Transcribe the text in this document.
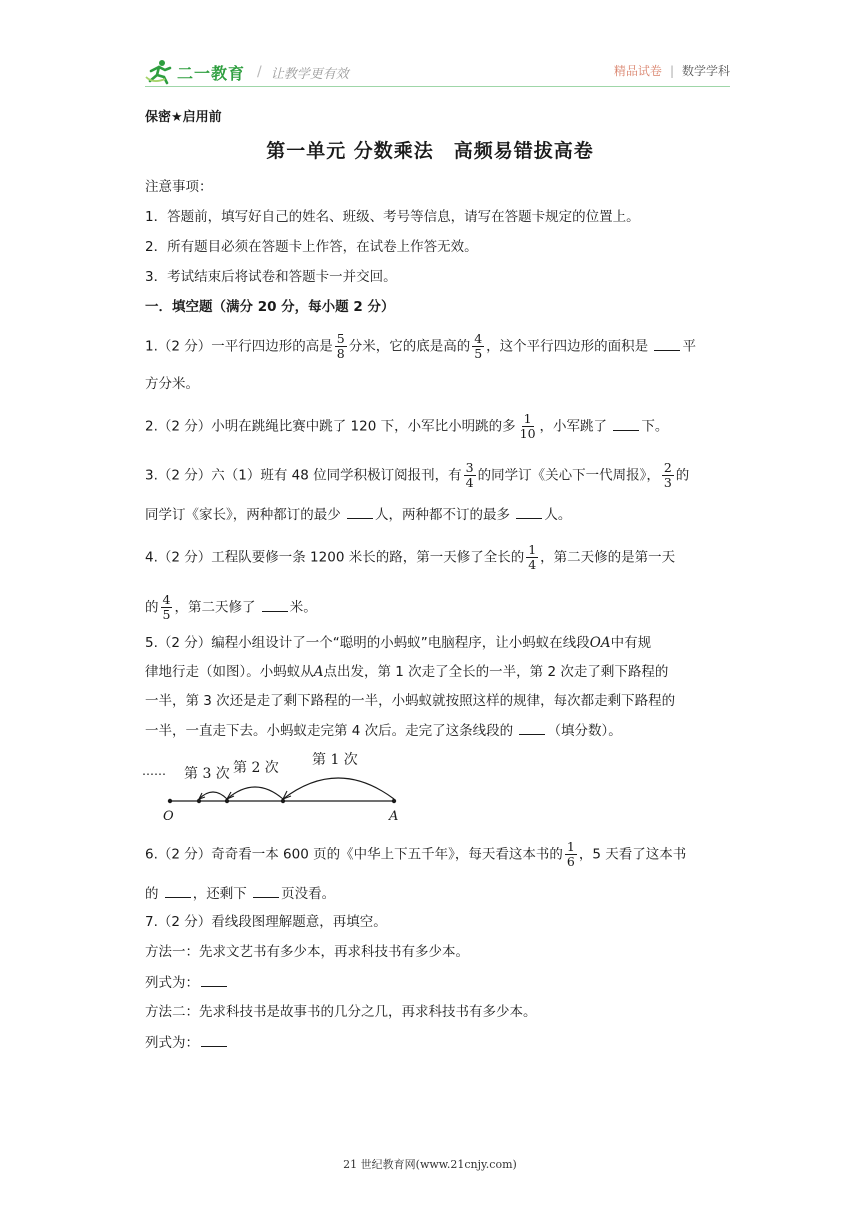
二一教育 / 让教学更有效	精品试卷 | 数学学科
保密★启用前
第一单元 分数乘法　高频易错拔高卷
注意事项：
1．答题前，填写好自己的姓名、班级、考号等信息，请写在答题卡规定的位置上。
2．所有题目必须在答题卡上作答，在试卷上作答无效。
3．考试结束后将试卷和答题卡一并交回。
一．填空题（满分 20 分，每小题 2 分）
1.（2 分）一平行四边形的高是 $\frac{5}{8}$ 分米，它的底是高的 $\frac{4}{5}$ ，这个平行四边形的面积是	平
方分米。
2.（2 分）小明在跳绳比赛中跳了 120 下，小军比小明跳的多 $\frac{1}{10}$ ，小军跳了	下。
3.（2 分）六（1）班有 48 位同学积极订阅报刊，有 $\frac{3}{4}$ 的同学订《关心下一代周报》， $\frac{2}{3}$ 的
同学订《家长》，两种都订的最少	人，两种都不订的最多	人。
4.（2 分）工程队要修一条 1200 米长的路，第一天修了全长的 $\frac{1}{4}$ ，第二天修的是第一天
的 $\frac{4}{5}$ ，第二天修了	米。
5.（2 分）编程小组设计了一个“聪明的小蚂蚁”电脑程序，让小蚂蚁在线段OA中有规
律地行走（如图）。小蚂蚁从A点出发，第 1 次走了全长的一半，第 2 次走了剩下路程的
一半，第 3 次还是走了剩下路程的一半，小蚂蚁就按照这样的规律，每次都走剩下路程的
一半，一直走下去。小蚂蚁走完第 4 次后。走完了这条线段的	（填分数）。
…… 第 3 次 第 2 次 第 1 次
O	A
6.（2 分）奇奇看一本 600 页的《中华上下五千年》，每天看这本书的 $\frac{1}{6}$ ，5 天看了这本书
的	，还剩下	页没看。
7.（2 分）看线段图理解题意，再填空。
方法一：先求文艺书有多少本，再求科技书有多少本。
列式为：
方法二：先求科技书是故事书的几分之几，再求科技书有多少本。
列式为：
21 世纪教育网(www.21cnjy.com)
